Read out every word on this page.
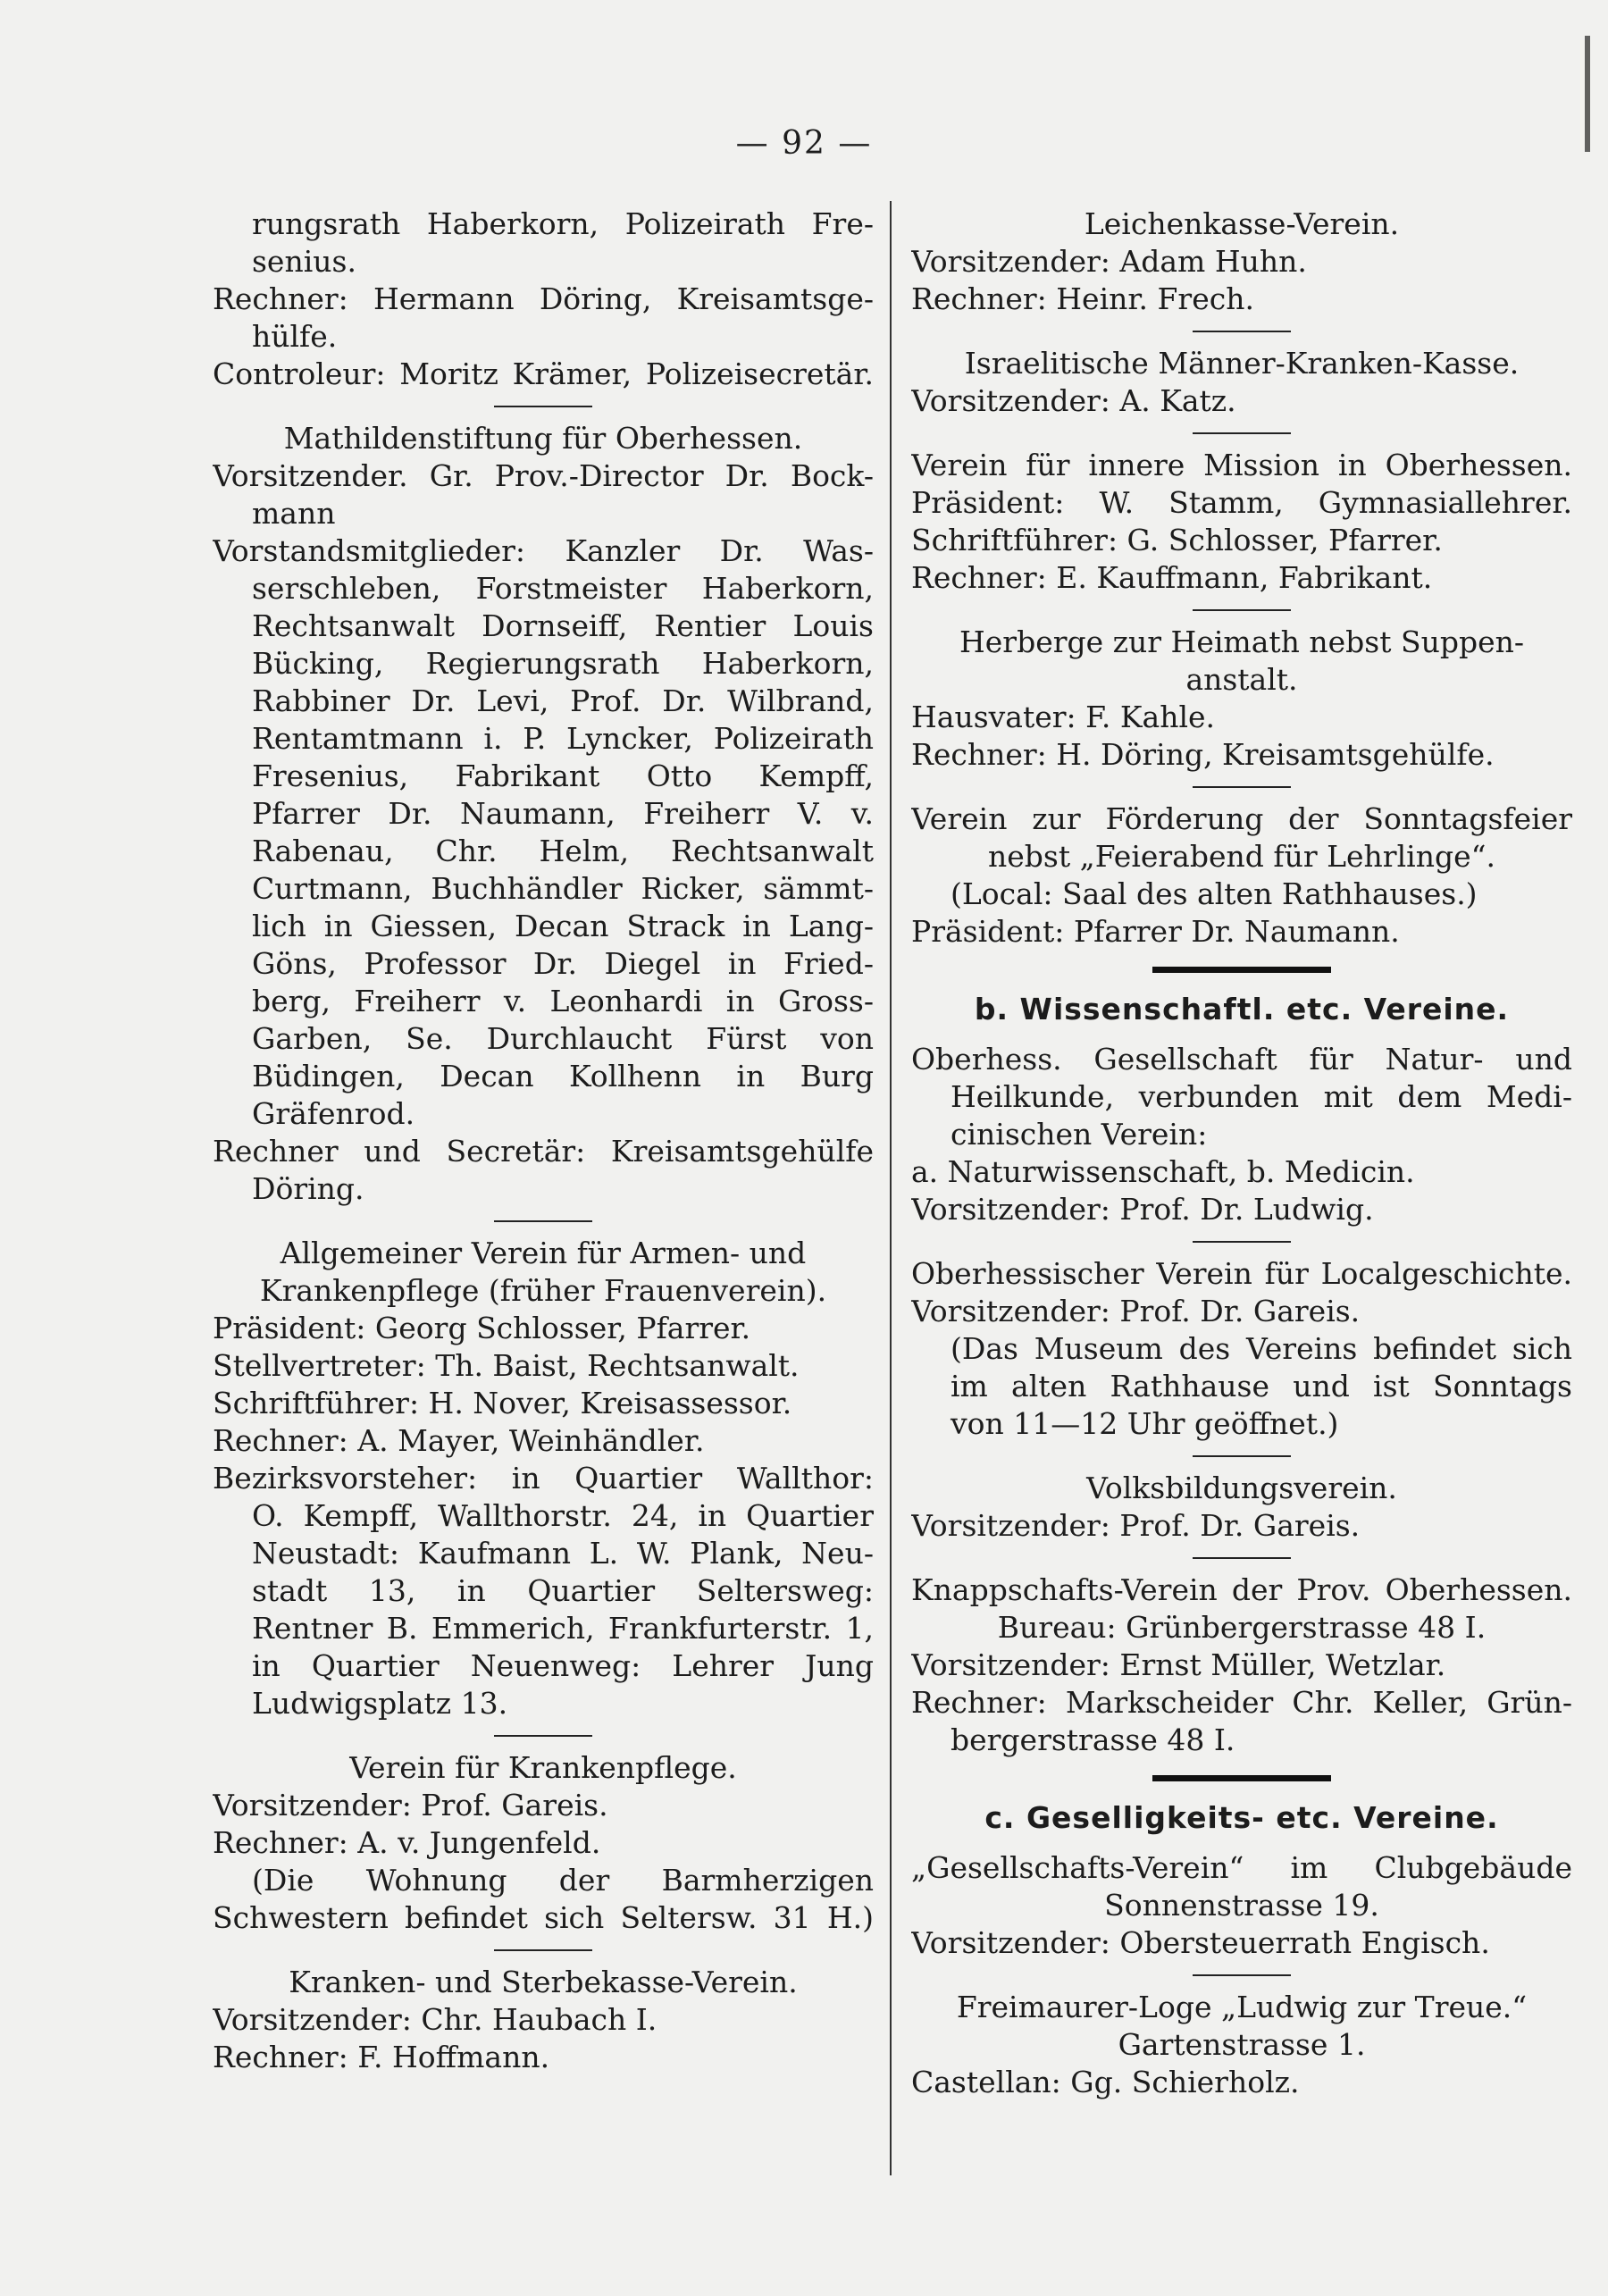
— 92 —
rungsrath Haberkorn, Polizeirath Fre-
senius.
Rechner: Hermann Döring, Kreisamtsge-
hülfe.
Controleur: Moritz Krämer, Polizeisecretär.
Mathildenstiftung für Oberhessen.
Vorsitzender. Gr. Prov.-Director Dr. Bock-
mann
Vorstandsmitglieder: Kanzler Dr. Was-
serschleben, Forstmeister Haberkorn,
Rechtsanwalt Dornseiff, Rentier Louis
Bücking, Regierungsrath Haberkorn,
Rabbiner Dr. Levi, Prof. Dr. Wilbrand,
Rentamtmann i. P. Lyncker, Polizeirath
Fresenius, Fabrikant Otto Kempff,
Pfarrer Dr. Naumann, Freiherr V. v.
Rabenau, Chr. Helm, Rechtsanwalt
Curtmann, Buchhändler Ricker, sämmt-
lich in Giessen, Decan Strack in Lang-
Göns, Professor Dr. Diegel in Fried-
berg, Freiherr v. Leonhardi in Gross-
Garben, Se. Durchlaucht Fürst von
Büdingen, Decan Kollhenn in Burg
Gräfenrod.
Rechner und Secretär: Kreisamtsgehülfe
Döring.
Allgemeiner Verein für Armen- und
Krankenpflege (früher Frauenverein).
Präsident: Georg Schlosser, Pfarrer.
Stellvertreter: Th. Baist, Rechtsanwalt.
Schriftführer: H. Nover, Kreisassessor.
Rechner: A. Mayer, Weinhändler.
Bezirksvorsteher: in Quartier Wallthor:
O. Kempff, Wallthorstr. 24, in Quartier
Neustadt: Kaufmann L. W. Plank, Neu-
stadt 13, in Quartier Seltersweg:
Rentner B. Emmerich, Frankfurterstr. 1,
in Quartier Neuenweg: Lehrer Jung
Ludwigsplatz 13.
Verein für Krankenpflege.
Vorsitzender: Prof. Gareis.
Rechner: A. v. Jungenfeld.
(Die Wohnung der Barmherzigen
Schwestern befindet sich Seltersw. 31 H.)
Kranken- und Sterbekasse-Verein.
Vorsitzender: Chr. Haubach I.
Rechner: F. Hoffmann.
Leichenkasse-Verein.
Vorsitzender: Adam Huhn.
Rechner: Heinr. Frech.
Israelitische Männer-Kranken-Kasse.
Vorsitzender: A. Katz.
Verein für innere Mission in Oberhessen.
Präsident: W. Stamm, Gymnasiallehrer.
Schriftführer: G. Schlosser, Pfarrer.
Rechner: E. Kauffmann, Fabrikant.
Herberge zur Heimath nebst Suppen-
anstalt.
Hausvater: F. Kahle.
Rechner: H. Döring, Kreisamtsgehülfe.
Verein zur Förderung der Sonntagsfeier
nebst „Feierabend für Lehrlinge“.
(Local: Saal des alten Rathhauses.)
Präsident: Pfarrer Dr. Naumann.
b. Wissenschaftl. etc. Vereine.
Oberhess. Gesellschaft für Natur- und
Heilkunde, verbunden mit dem Medi-
cinischen Verein:
a. Naturwissenschaft, b. Medicin.
Vorsitzender: Prof. Dr. Ludwig.
Oberhessischer Verein für Localgeschichte.
Vorsitzender: Prof. Dr. Gareis.
(Das Museum des Vereins befindet sich
im alten Rathhause und ist Sonntags
von 11—12 Uhr geöffnet.)
Volksbildungsverein.
Vorsitzender: Prof. Dr. Gareis.
Knappschafts-Verein der Prov. Oberhessen.
Bureau: Grünbergerstrasse 48 I.
Vorsitzender: Ernst Müller, Wetzlar.
Rechner: Markscheider Chr. Keller, Grün-
bergerstrasse 48 I.
c. Geselligkeits- etc. Vereine.
„Gesellschafts-Verein“ im Clubgebäude
Sonnenstrasse 19.
Vorsitzender: Obersteuerrath Engisch.
Freimaurer-Loge „Ludwig zur Treue.“
Gartenstrasse 1.
Castellan: Gg. Schierholz.
